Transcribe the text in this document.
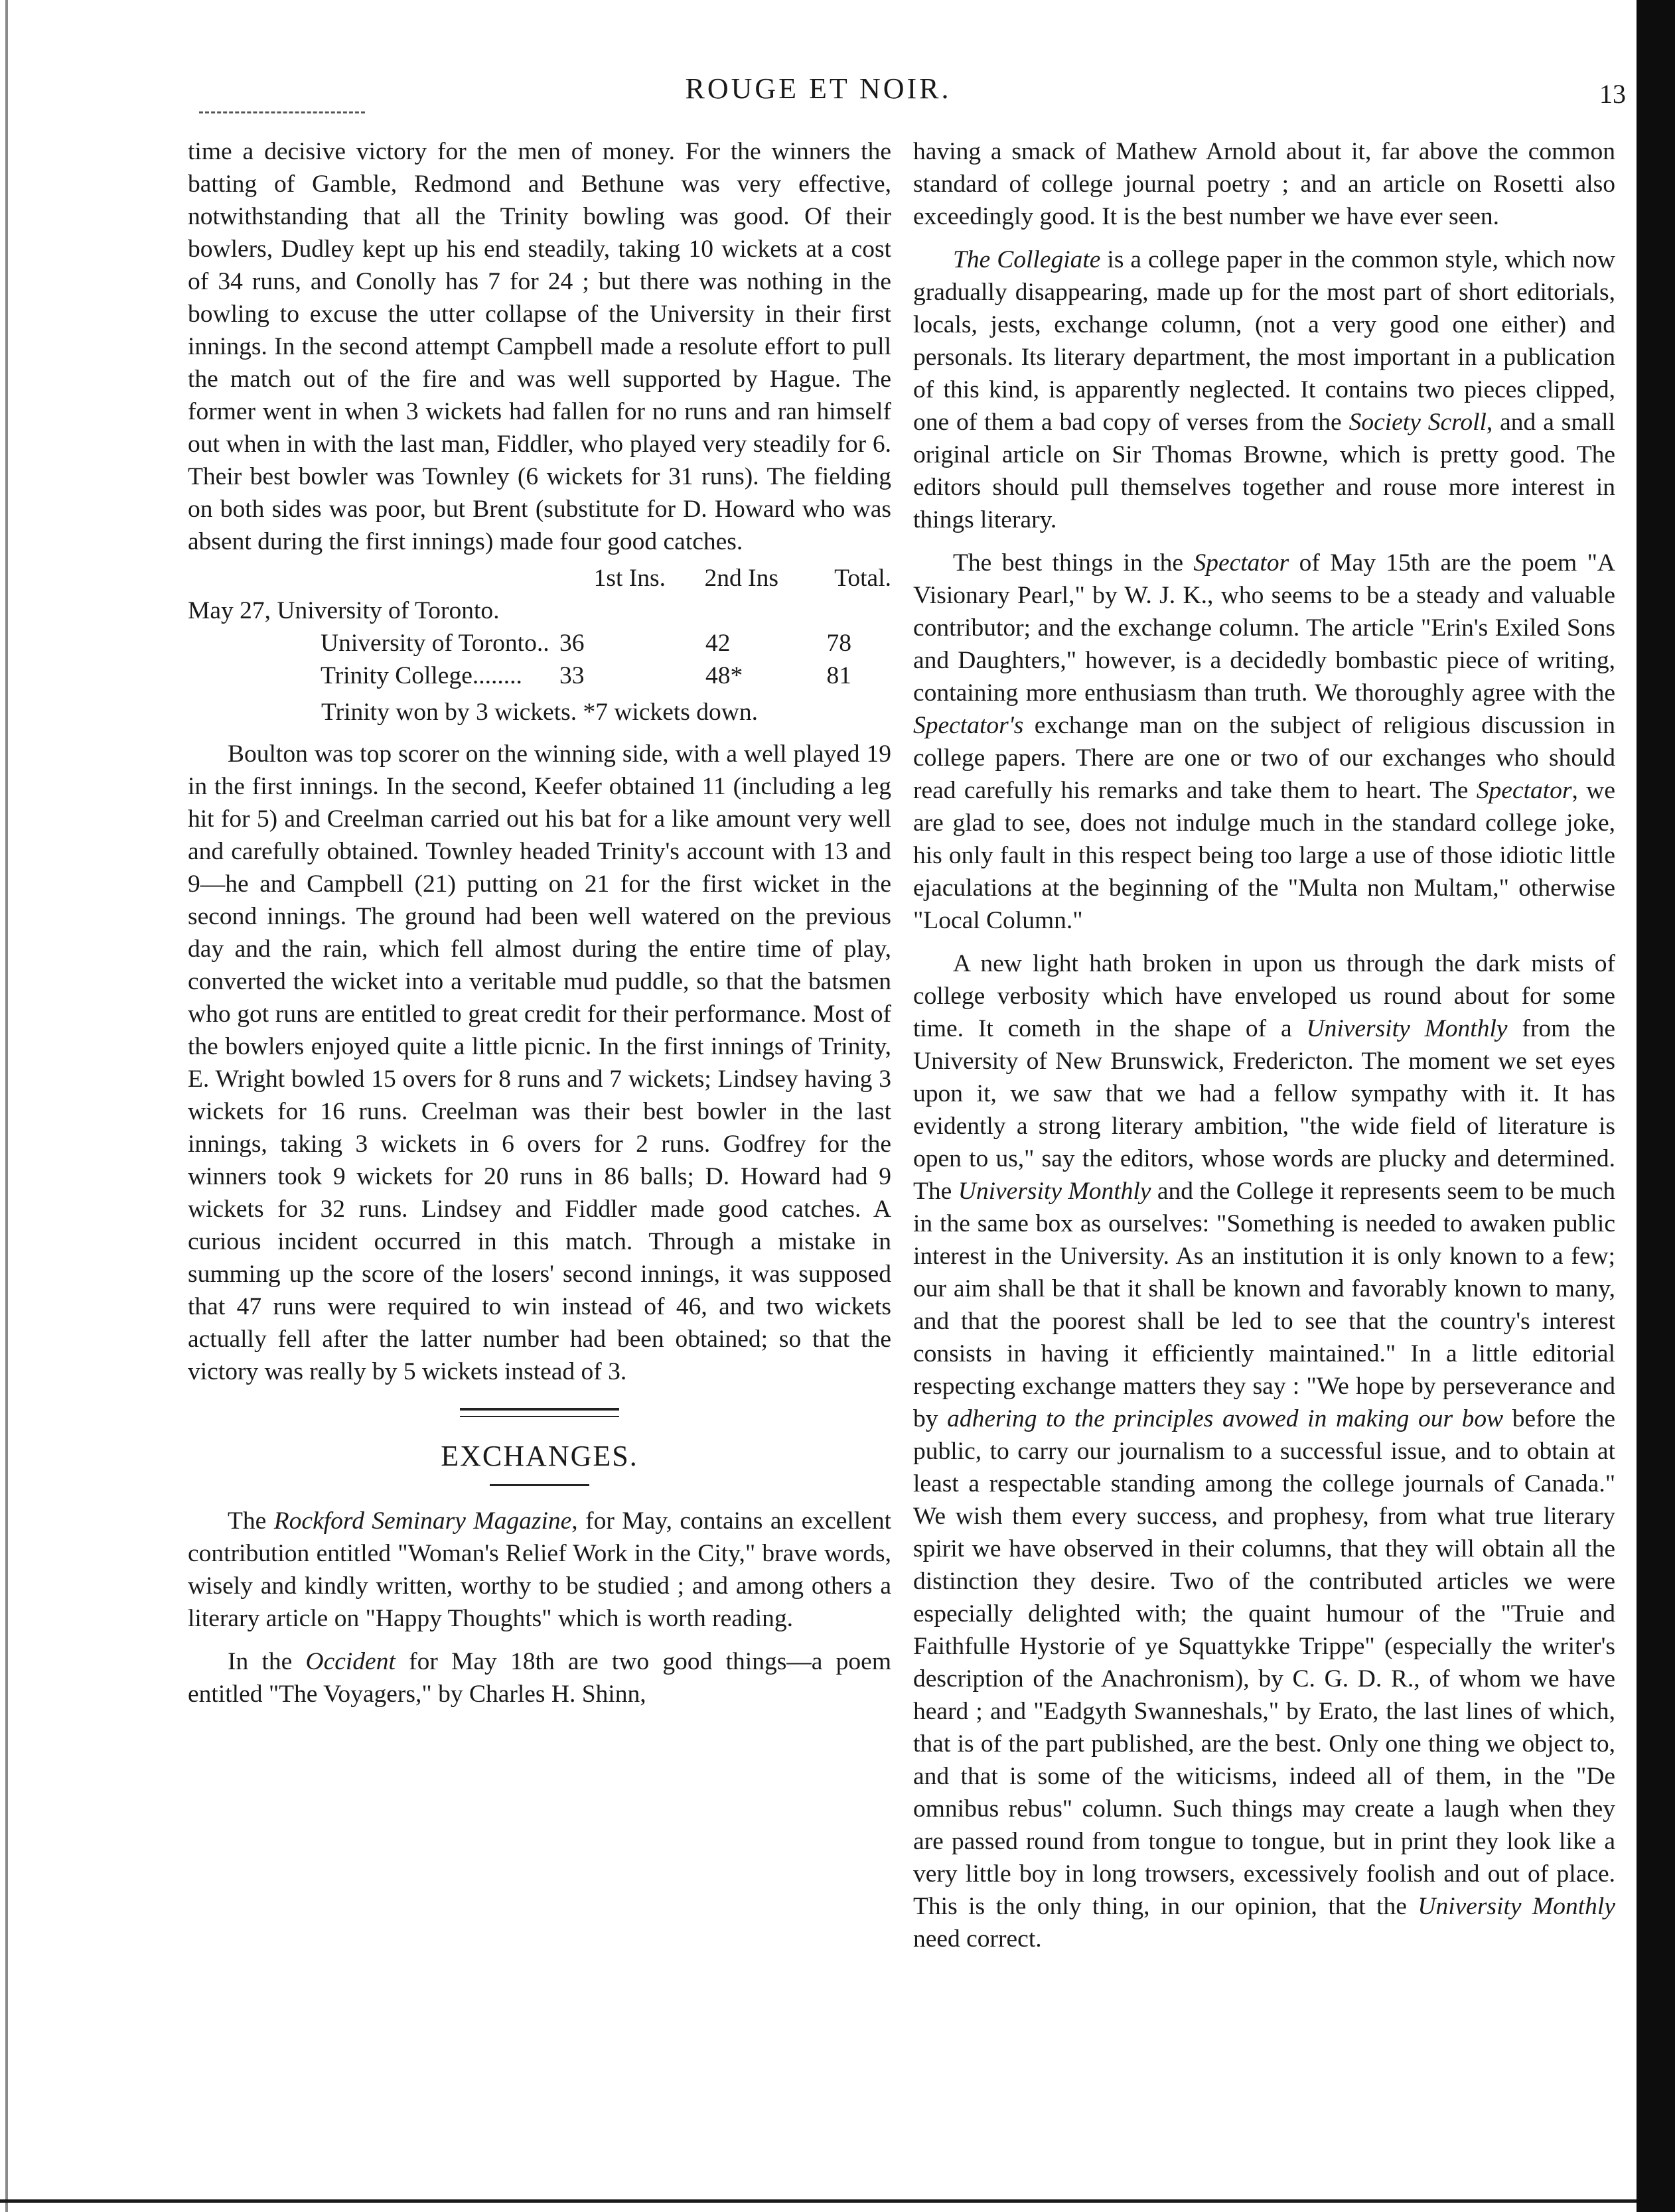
ROUGE ET NOIR.	13

time a decisive victory for the men of money. For the winners the batting of Gamble, Redmond and Bethune was very effective, notwithstanding that all the Trinity bowling was good. Of their bowlers, Dudley kept up his end steadily, taking 10 wickets at a cost of 34 runs, and Conolly has 7 for 24 ; but there was nothing in the bowling to excuse the utter collapse of the University in their first innings. In the second attempt Campbell made a resolute effort to pull the match out of the fire and was well supported by Hague. The former went in when 3 wickets had fallen for no runs and ran himself out when in with the last man, Fiddler, who played very steadily for 6. Their best bowler was Townley (6 wickets for 31 runs). The fielding on both sides was poor, but Brent (substitute for D. Howard who was absent during the first innings) made four good catches.

	1st Ins.	2nd Ins	Total.
May 27, University of Toronto.			
University of Toronto..	36	42	78
Trinity College........	33	48*	81
Trinity won by 3 wickets. *7 wickets down.

Boulton was top scorer on the winning side, with a well played 19 in the first innings. In the second, Keefer obtained 11 (including a leg hit for 5) and Creelman carried out his bat for a like amount very well and carefully obtained. Townley headed Trinity's account with 13 and 9—he and Campbell (21) putting on 21 for the first wicket in the second innings. The ground had been well watered on the previous day and the rain, which fell almost during the entire time of play, converted the wicket into a veritable mud puddle, so that the batsmen who got runs are entitled to great credit for their performance. Most of the bowlers enjoyed quite a little picnic. In the first innings of Trinity, E. Wright bowled 15 overs for 8 runs and 7 wickets; Lindsey having 3 wickets for 16 runs. Creelman was their best bowler in the last innings, taking 3 wickets in 6 overs for 2 runs. Godfrey for the winners took 9 wickets for 20 runs in 86 balls; D. Howard had 9 wickets for 32 runs. Lindsey and Fiddler made good catches. A curious incident occurred in this match. Through a mistake in summing up the score of the losers' second innings, it was supposed that 47 runs were required to win instead of 46, and two wickets actually fell after the latter number had been obtained; so that the victory was really by 5 wickets instead of 3.

EXCHANGES.

The Rockford Seminary Magazine, for May, contains an excellent contribution entitled "Woman's Relief Work in the City," brave words, wisely and kindly written, worthy to be studied ; and among others a literary article on "Happy Thoughts" which is worth reading.

In the Occident for May 18th are two good things—a poem entitled "The Voyagers," by Charles H. Shinn,

having a smack of Mathew Arnold about it, far above the common standard of college journal poetry ; and an article on Rosetti also exceedingly good. It is the best number we have ever seen.

The Collegiate is a college paper in the common style, which now gradually disappearing, made up for the most part of short editorials, locals, jests, exchange column, (not a very good one either) and personals. Its literary department, the most important in a publication of this kind, is apparently neglected. It contains two pieces clipped, one of them a bad copy of verses from the Society Scroll, and a small original article on Sir Thomas Browne, which is pretty good. The editors should pull themselves together and rouse more interest in things literary.

The best things in the Spectator of May 15th are the poem "A Visionary Pearl," by W. J. K., who seems to be a steady and valuable contributor; and the exchange column. The article "Erin's Exiled Sons and Daughters," however, is a decidedly bombastic piece of writing, containing more enthusiasm than truth. We thoroughly agree with the Spectator's exchange man on the subject of religious discussion in college papers. There are one or two of our exchanges who should read carefully his remarks and take them to heart. The Spectator, we are glad to see, does not indulge much in the standard college joke, his only fault in this respect being too large a use of those idiotic little ejaculations at the beginning of the "Multa non Multam," otherwise "Local Column."

A new light hath broken in upon us through the dark mists of college verbosity which have enveloped us round about for some time. It cometh in the shape of a University Monthly from the University of New Brunswick, Fredericton. The moment we set eyes upon it, we saw that we had a fellow sympathy with it. It has evidently a strong literary ambition, "the wide field of literature is open to us," say the editors, whose words are plucky and determined. The University Monthly and the College it represents seem to be much in the same box as ourselves: "Something is needed to awaken public interest in the University. As an institution it is only known to a few; our aim shall be that it shall be known and favorably known to many, and that the poorest shall be led to see that the country's interest consists in having it efficiently maintained." In a little editorial respecting exchange matters they say : "We hope by perseverance and by adhering to the principles avowed in making our bow before the public, to carry our journalism to a successful issue, and to obtain at least a respectable standing among the college journals of Canada." We wish them every success, and prophesy, from what true literary spirit we have observed in their columns, that they will obtain all the distinction they desire. Two of the contributed articles we were especially delighted with; the quaint humour of the "Truie and Faithfulle Hystorie of ye Squattykke Trippe" (especially the writer's description of the Anachronism), by C. G. D. R., of whom we have heard ; and "Eadgyth Swanneshals," by Erato, the last lines of which, that is of the part published, are the best. Only one thing we object to, and that is some of the witicisms, indeed all of them, in the "De omnibus rebus" column. Such things may create a laugh when they are passed round from tongue to tongue, but in print they look like a very little boy in long trowsers, excessively foolish and out of place. This is the only thing, in our opinion, that the University Monthly need correct.
